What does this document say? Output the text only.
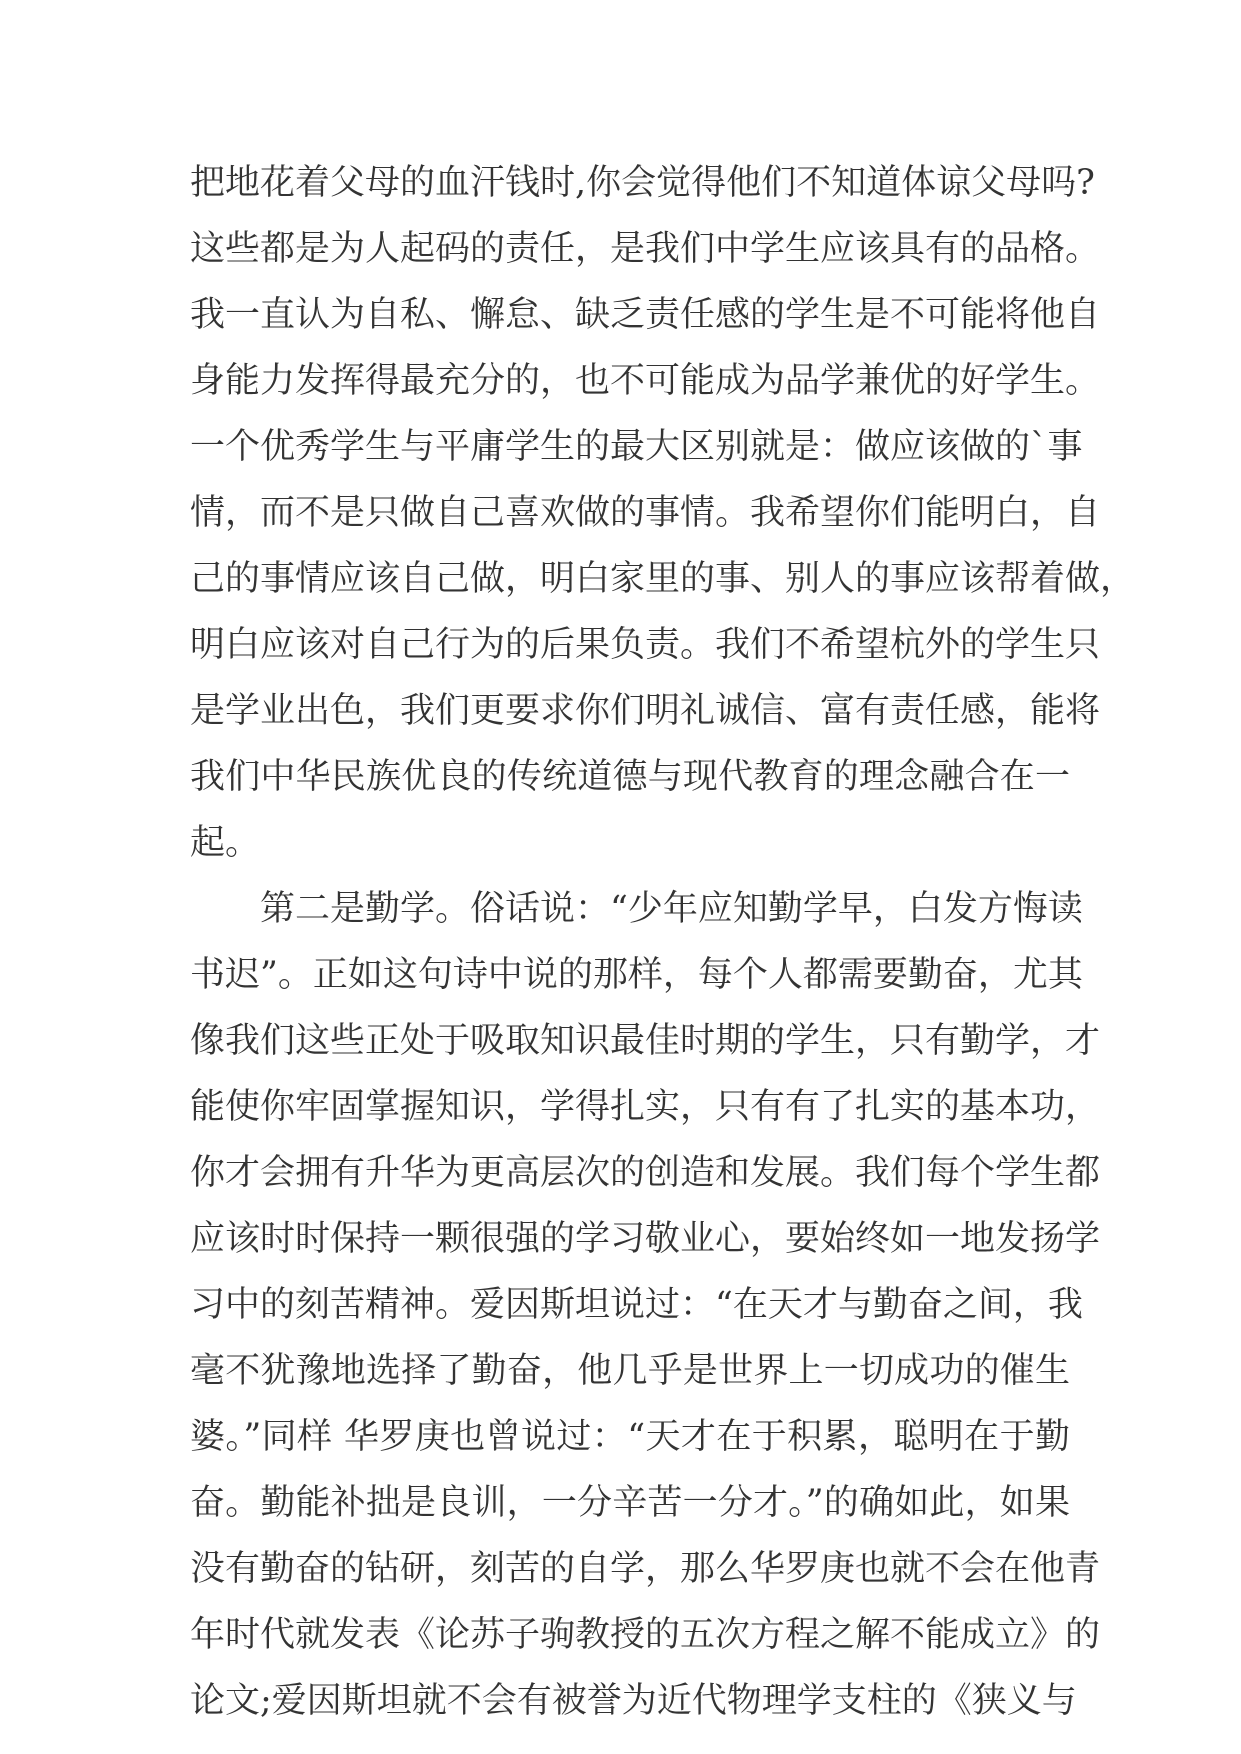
把地花着父母的血汗钱时,你会觉得他们不知道体谅父母吗?
这些都是为人起码的责任，是我们中学生应该具有的品格。
我一直认为自私、懈怠、缺乏责任感的学生是不可能将他自
身能力发挥得最充分的，也不可能成为品学兼优的好学生。
一个优秀学生与平庸学生的最大区别就是：做应该做的`事
情，而不是只做自己喜欢做的事情。我希望你们能明白，自
己的事情应该自己做，明白家里的事、别人的事应该帮着做，
明白应该对自己行为的后果负责。我们不希望杭外的学生只
是学业出色，我们更要求你们明礼诚信、富有责任感，能将
我们中华民族优良的传统道德与现代教育的理念融合在一
起。
第二是勤学。俗话说：“少年应知勤学早，白发方悔读
书迟”。正如这句诗中说的那样，每个人都需要勤奋，尤其
像我们这些正处于吸取知识最佳时期的学生，只有勤学，才
能使你牢固掌握知识，学得扎实，只有有了扎实的基本功，
你才会拥有升华为更高层次的创造和发展。我们每个学生都
应该时时保持一颗很强的学习敬业心，要始终如一地发扬学
习中的刻苦精神。爱因斯坦说过：“在天才与勤奋之间，我
毫不犹豫地选择了勤奋，他几乎是世界上一切成功的催生
婆。”同样 华罗庚也曾说过：“天才在于积累，聪明在于勤
奋。勤能补拙是良训，一分辛苦一分才。”的确如此，如果
没有勤奋的钻研，刻苦的自学，那么华罗庚也就不会在他青
年时代就发表《论苏子驹教授的五次方程之解不能成立》的
论文;爱因斯坦就不会有被誉为近代物理学支柱的《狭义与
